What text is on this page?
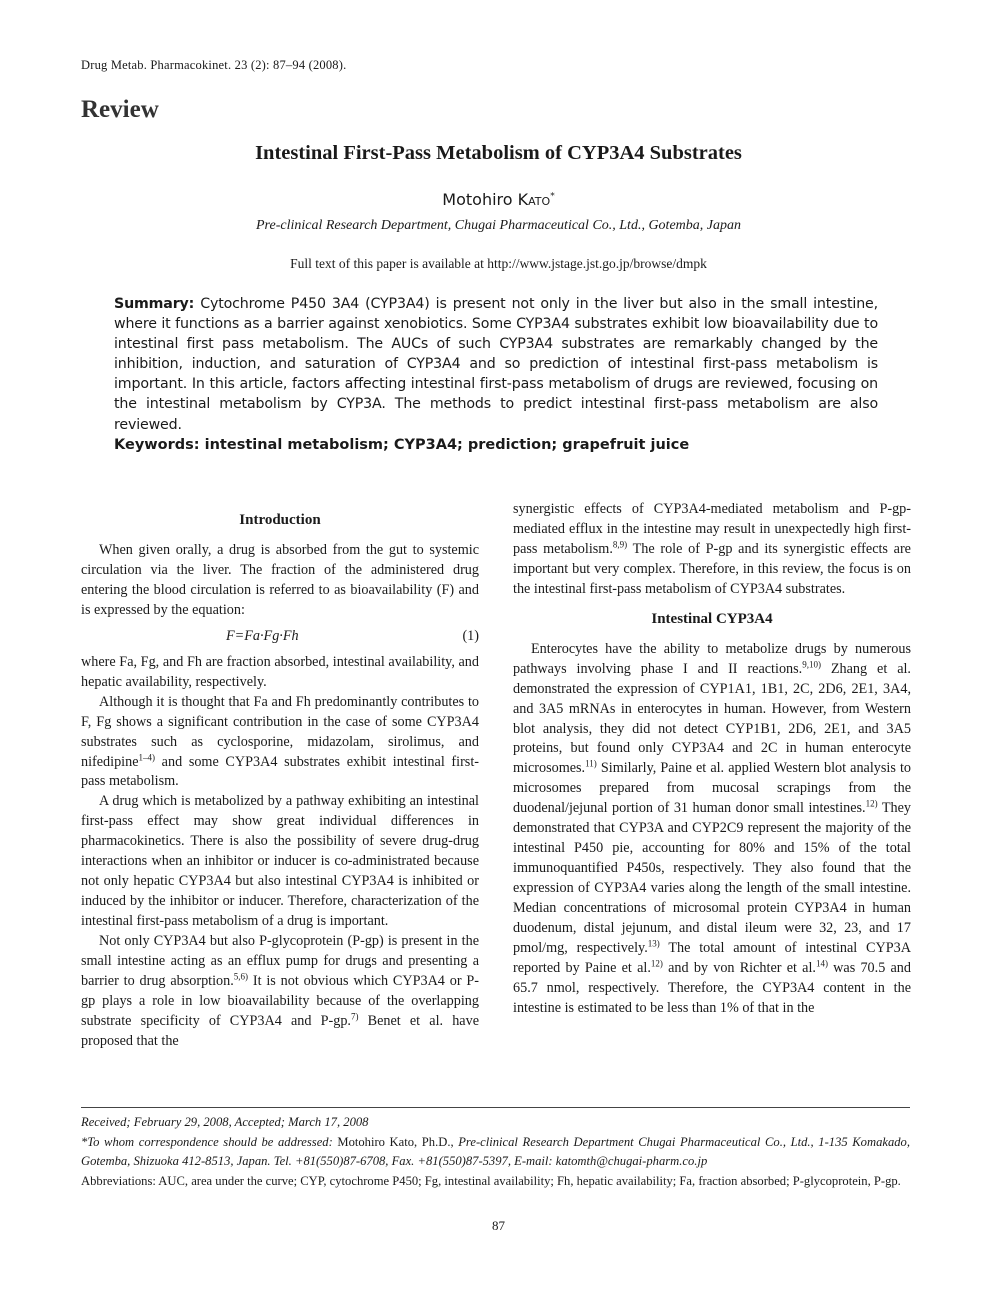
Drug Metab. Pharmacokinet. 23 (2): 87–94 (2008).
Review
Intestinal First-Pass Metabolism of CYP3A4 Substrates
Motohiro Kato*
Pre-clinical Research Department, Chugai Pharmaceutical Co., Ltd., Gotemba, Japan
Full text of this paper is available at http://www.jstage.jst.go.jp/browse/dmpk
Summary: Cytochrome P450 3A4 (CYP3A4) is present not only in the liver but also in the small intestine, where it functions as a barrier against xenobiotics. Some CYP3A4 substrates exhibit low bioavailability due to intestinal first pass metabolism. The AUCs of such CYP3A4 substrates are remarkably changed by the inhibition, induction, and saturation of CYP3A4 and so prediction of intestinal first-pass metabolism is important. In this article, factors affecting intestinal first-pass metabolism of drugs are reviewed, focusing on the intestinal metabolism by CYP3A. The methods to predict intestinal first-pass metabolism are also reviewed.
Keywords: intestinal metabolism; CYP3A4; prediction; grapefruit juice
Introduction

When given orally, a drug is absorbed from the gut to systemic circulation via the liver. The fraction of the administered drug entering the blood circulation is referred to as bioavailability (F) and is expressed by the equation:

F=Fa·Fg·Fh	(1)

where Fa, Fg, and Fh are fraction absorbed, intestinal availability, and hepatic availability, respectively.

Although it is thought that Fa and Fh predominantly contributes to F, Fg shows a significant contribution in the case of some CYP3A4 substrates such as cyclosporine, midazolam, sirolimus, and nifedipine$^{1-4)}$ and some CYP3A4 substrates exhibit intestinal first-pass metabolism.

A drug which is metabolized by a pathway exhibiting an intestinal first-pass effect may show great individual differences in pharmacokinetics. There is also the possibility of severe drug-drug interactions when an inhibitor or inducer is co-administrated because not only hepatic CYP3A4 but also intestinal CYP3A4 is inhibited or induced by the inhibitor or inducer. Therefore, characterization of the intestinal first-pass metabolism of a drug is important.

Not only CYP3A4 but also P-glycoprotein (P-gp) is present in the small intestine acting as an efflux pump for drugs and presenting a barrier to drug absorption.$^{5,6)}$ It is not obvious which CYP3A4 or P-gp plays a role in low bioavailability because of the overlapping substrate specificity of CYP3A4 and P-gp.$^{7)}$ Benet et al. have proposed that the

synergistic effects of CYP3A4-mediated metabolism and P-gp-mediated efflux in the intestine may result in unexpectedly high first-pass metabolism.$^{8,9)}$ The role of P-gp and its synergistic effects are important but very complex. Therefore, in this review, the focus is on the intestinal first-pass metabolism of CYP3A4 substrates.

Intestinal CYP3A4

Enterocytes have the ability to metabolize drugs by numerous pathways involving phase I and II reactions.$^{9,10)}$ Zhang et al. demonstrated the expression of CYP1A1, 1B1, 2C, 2D6, 2E1, 3A4, and 3A5 mRNAs in enterocytes in human. However, from Western blot analysis, they did not detect CYP1B1, 2D6, 2E1, and 3A5 proteins, but found only CYP3A4 and 2C in human enterocyte microsomes.$^{11)}$ Similarly, Paine et al. applied Western blot analysis to microsomes prepared from mucosal scrapings from the duodenal/jejunal portion of 31 human donor small intestines.$^{12)}$ They demonstrated that CYP3A and CYP2C9 represent the majority of the intestinal P450 pie, accounting for 80% and 15% of the total immunoquantified P450s, respectively. They also found that the expression of CYP3A4 varies along the length of the small intestine. Median concentrations of microsomal protein CYP3A4 in human duodenum, distal jejunum, and distal ileum were 32, 23, and 17 pmol/mg, respectively.$^{13)}$ The total amount of intestinal CYP3A reported by Paine et al.$^{12)}$ and by von Richter et al.$^{14)}$ was 70.5 and 65.7 nmol, respectively. Therefore, the CYP3A4 content in the intestine is estimated to be less than 1% of that in the

Received; February 29, 2008, Accepted; March 17, 2008
*To whom correspondence should be addressed: Motohiro Kato, Ph.D., Pre-clinical Research Department Chugai Pharmaceutical Co., Ltd., 1-135 Komakado, Gotemba, Shizuoka 412-8513, Japan. Tel. +81(550)87-6708, Fax. +81(550)87-5397, E-mail: katomth@chugai-pharm.co.jp
Abbreviations: AUC, area under the curve; CYP, cytochrome P450; Fg, intestinal availability; Fh, hepatic availability; Fa, fraction absorbed; P-glycoprotein, P-gp.
87
